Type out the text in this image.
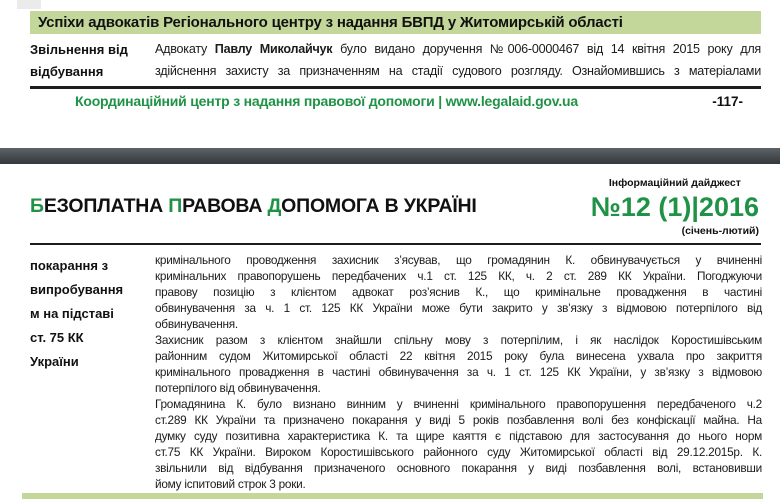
Успіхи адвокатів Регіонального центру з надання БВПД у Житомирській області
Звільнення від
відбування
Адвокату Павлу Миколайчук було видано доручення №006-0000467 від 14 квітня 2015 року для
здійснення захисту за призначенням на стадії судового розгляду. Ознайомившись з матеріалами
Координаційний центр з надання правової допомоги | www.legalaid.gov.ua	-117-
БЕЗОПЛАТНА ПРАВОВА ДОПОМОГА В УКРАЇНІ
Інформаційний дайджест
№12 (1)|2016
(січень-лютий)
покарання з
випробування
м на підставі
ст. 75 КК
України
кримінального проводження захисник з’ясував, що громадянин К. обвинувачується у вчиненні
кримінальних правопорушень передбачених ч.1 ст. 125 КК, ч. 2 ст. 289 КК України. Погоджуючи
правову позицію з клієнтом адвокат роз’яснив К., що кримінальне провадження в частині
обвинувачення за ч. 1 ст. 125 КК України може бути закрито у зв’язку з відмовою потерпілого від
обвинувачення.
Захисник разом з клієнтом знайшли спільну мову з потерпілим, і як наслідок Коростишівським
районним судом Житомирської області 22 квітня 2015 року була винесена ухвала про закриття
кримінального провадження в частині обвинувачення за ч. 1 ст. 125 КК України, у зв’язку з відмовою
потерпілого від обвинувачення.
Громадянина К. було визнано винним у вчиненні кримінального правопорушення передбаченого ч.2
ст.289 КК України та призначено покарання у виді 5 років позбавлення волі без конфіскації майна. На
думку суду позитивна характеристика К. та щире каяття є підставою для застосування до нього норм
ст.75 КК України. Вироком Коростишівського районного суду Житомирської області від 29.12.2015р. К.
звільнили від відбування призначеного основного покарання у виді позбавлення волі, встановивши
йому іспитовий строк 3 роки.
